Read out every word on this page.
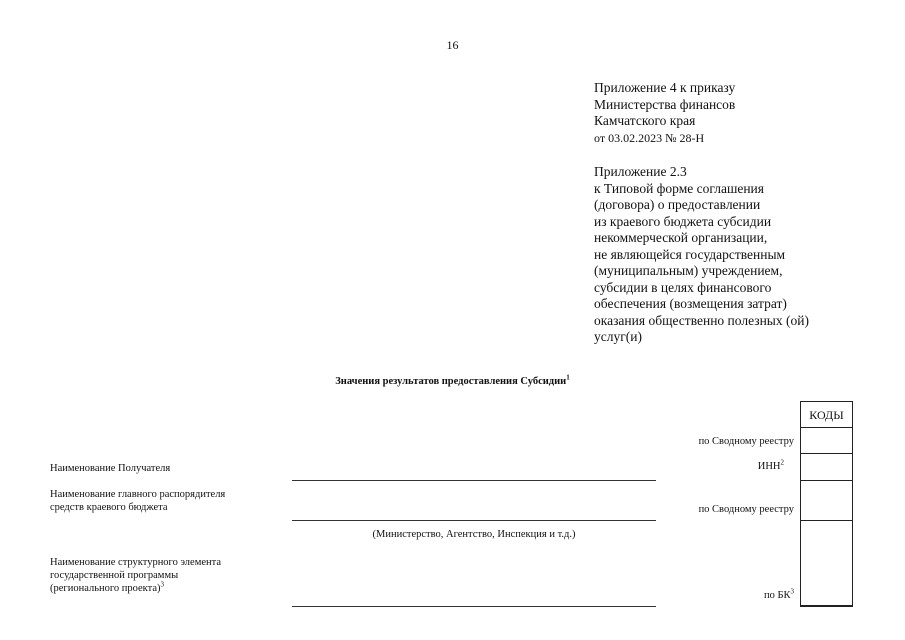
16
Приложение 4 к приказу
Министерства финансов
Камчатского края
от 03.02.2023 № 28-Н
Приложение 2.3
к Типовой форме соглашения
(договора) о предоставлении
из краевого бюджета субсидии
некоммерческой организации,
не являющейся государственным
(муниципальным) учреждением,
субсидии в целях финансового
обеспечения (возмещения затрат)
оказания общественно полезных (ой)
услуг(и)
Значения результатов предоставления Субсидии$^1$
КОДЫ
по Сводному реестру
ИНН$^2$
по Сводному реестру
по $БК^3$
Наименование Получателя
Наименование главного распорядителя
средств краевого бюджета
Наименование структурного элемента
государственной программы
(регионального проекта)$^3$
(Министерство, Агентство, Инспекция и т.д.)
